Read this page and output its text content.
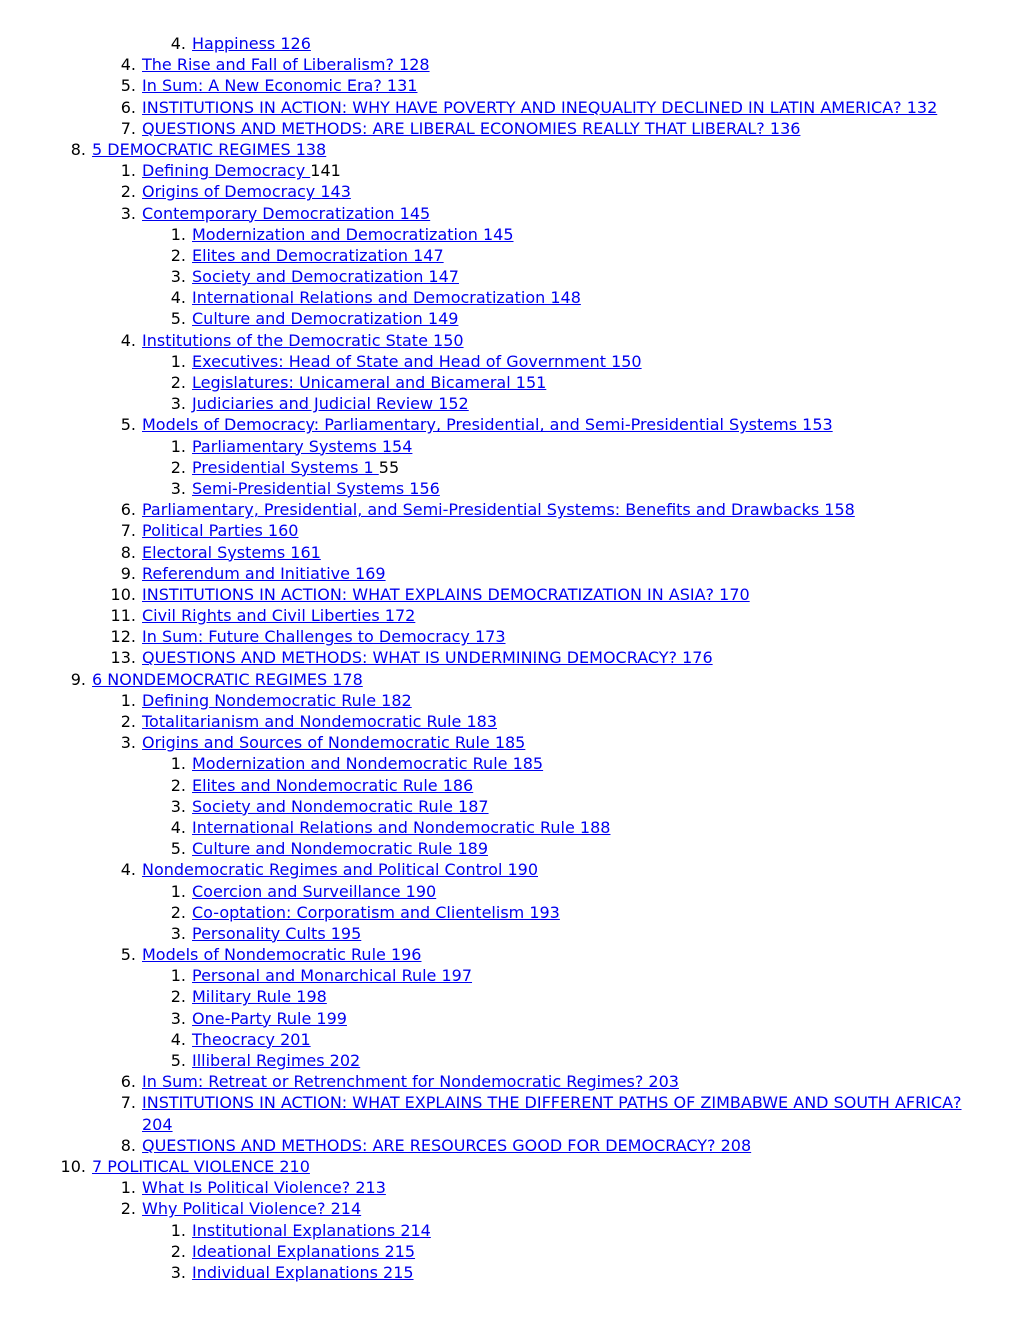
4. Happiness 126
4. The Rise and Fall of Liberalism? 128
5. In Sum: A New Economic Era? 131
6. INSTITUTIONS IN ACTION: WHY HAVE POVERTY AND INEQUALITY DECLINED IN LATIN AMERICA? 132
7. QUESTIONS AND METHODS: ARE LIBERAL ECONOMIES REALLY THAT LIBERAL? 136
8. 5 DEMOCRATIC REGIMES 138
1. Defining Democracy 141
2. Origins of Democracy 143
3. Contemporary Democratization 145
1. Modernization and Democratization 145
2. Elites and Democratization 147
3. Society and Democratization 147
4. International Relations and Democratization 148
5. Culture and Democratization 149
4. Institutions of the Democratic State 150
1. Executives: Head of State and Head of Government 150
2. Legislatures: Unicameral and Bicameral 151
3. Judiciaries and Judicial Review 152
5. Models of Democracy: Parliamentary, Presidential, and Semi-Presidential Systems 153
1. Parliamentary Systems 154
2. Presidential Systems 1 55
3. Semi-Presidential Systems 156
6. Parliamentary, Presidential, and Semi-Presidential Systems: Benefits and Drawbacks 158
7. Political Parties 160
8. Electoral Systems 161
9. Referendum and Initiative 169
10. INSTITUTIONS IN ACTION: WHAT EXPLAINS DEMOCRATIZATION IN ASIA? 170
11. Civil Rights and Civil Liberties 172
12. In Sum: Future Challenges to Democracy 173
13. QUESTIONS AND METHODS: WHAT IS UNDERMINING DEMOCRACY? 176
9. 6 NONDEMOCRATIC REGIMES 178
1. Defining Nondemocratic Rule 182
2. Totalitarianism and Nondemocratic Rule 183
3. Origins and Sources of Nondemocratic Rule 185
1. Modernization and Nondemocratic Rule 185
2. Elites and Nondemocratic Rule 186
3. Society and Nondemocratic Rule 187
4. International Relations and Nondemocratic Rule 188
5. Culture and Nondemocratic Rule 189
4. Nondemocratic Regimes and Political Control 190
1. Coercion and Surveillance 190
2. Co-optation: Corporatism and Clientelism 193
3. Personality Cults 195
5. Models of Nondemocratic Rule 196
1. Personal and Monarchical Rule 197
2. Military Rule 198
3. One-Party Rule 199
4. Theocracy 201
5. Illiberal Regimes 202
6. In Sum: Retreat or Retrenchment for Nondemocratic Regimes? 203
7. INSTITUTIONS IN ACTION: WHAT EXPLAINS THE DIFFERENT PATHS OF ZIMBABWE AND SOUTH AFRICA? 204
8. QUESTIONS AND METHODS: ARE RESOURCES GOOD FOR DEMOCRACY? 208
10. 7 POLITICAL VIOLENCE 210
1. What Is Political Violence? 213
2. Why Political Violence? 214
1. Institutional Explanations 214
2. Ideational Explanations 215
3. Individual Explanations 215
